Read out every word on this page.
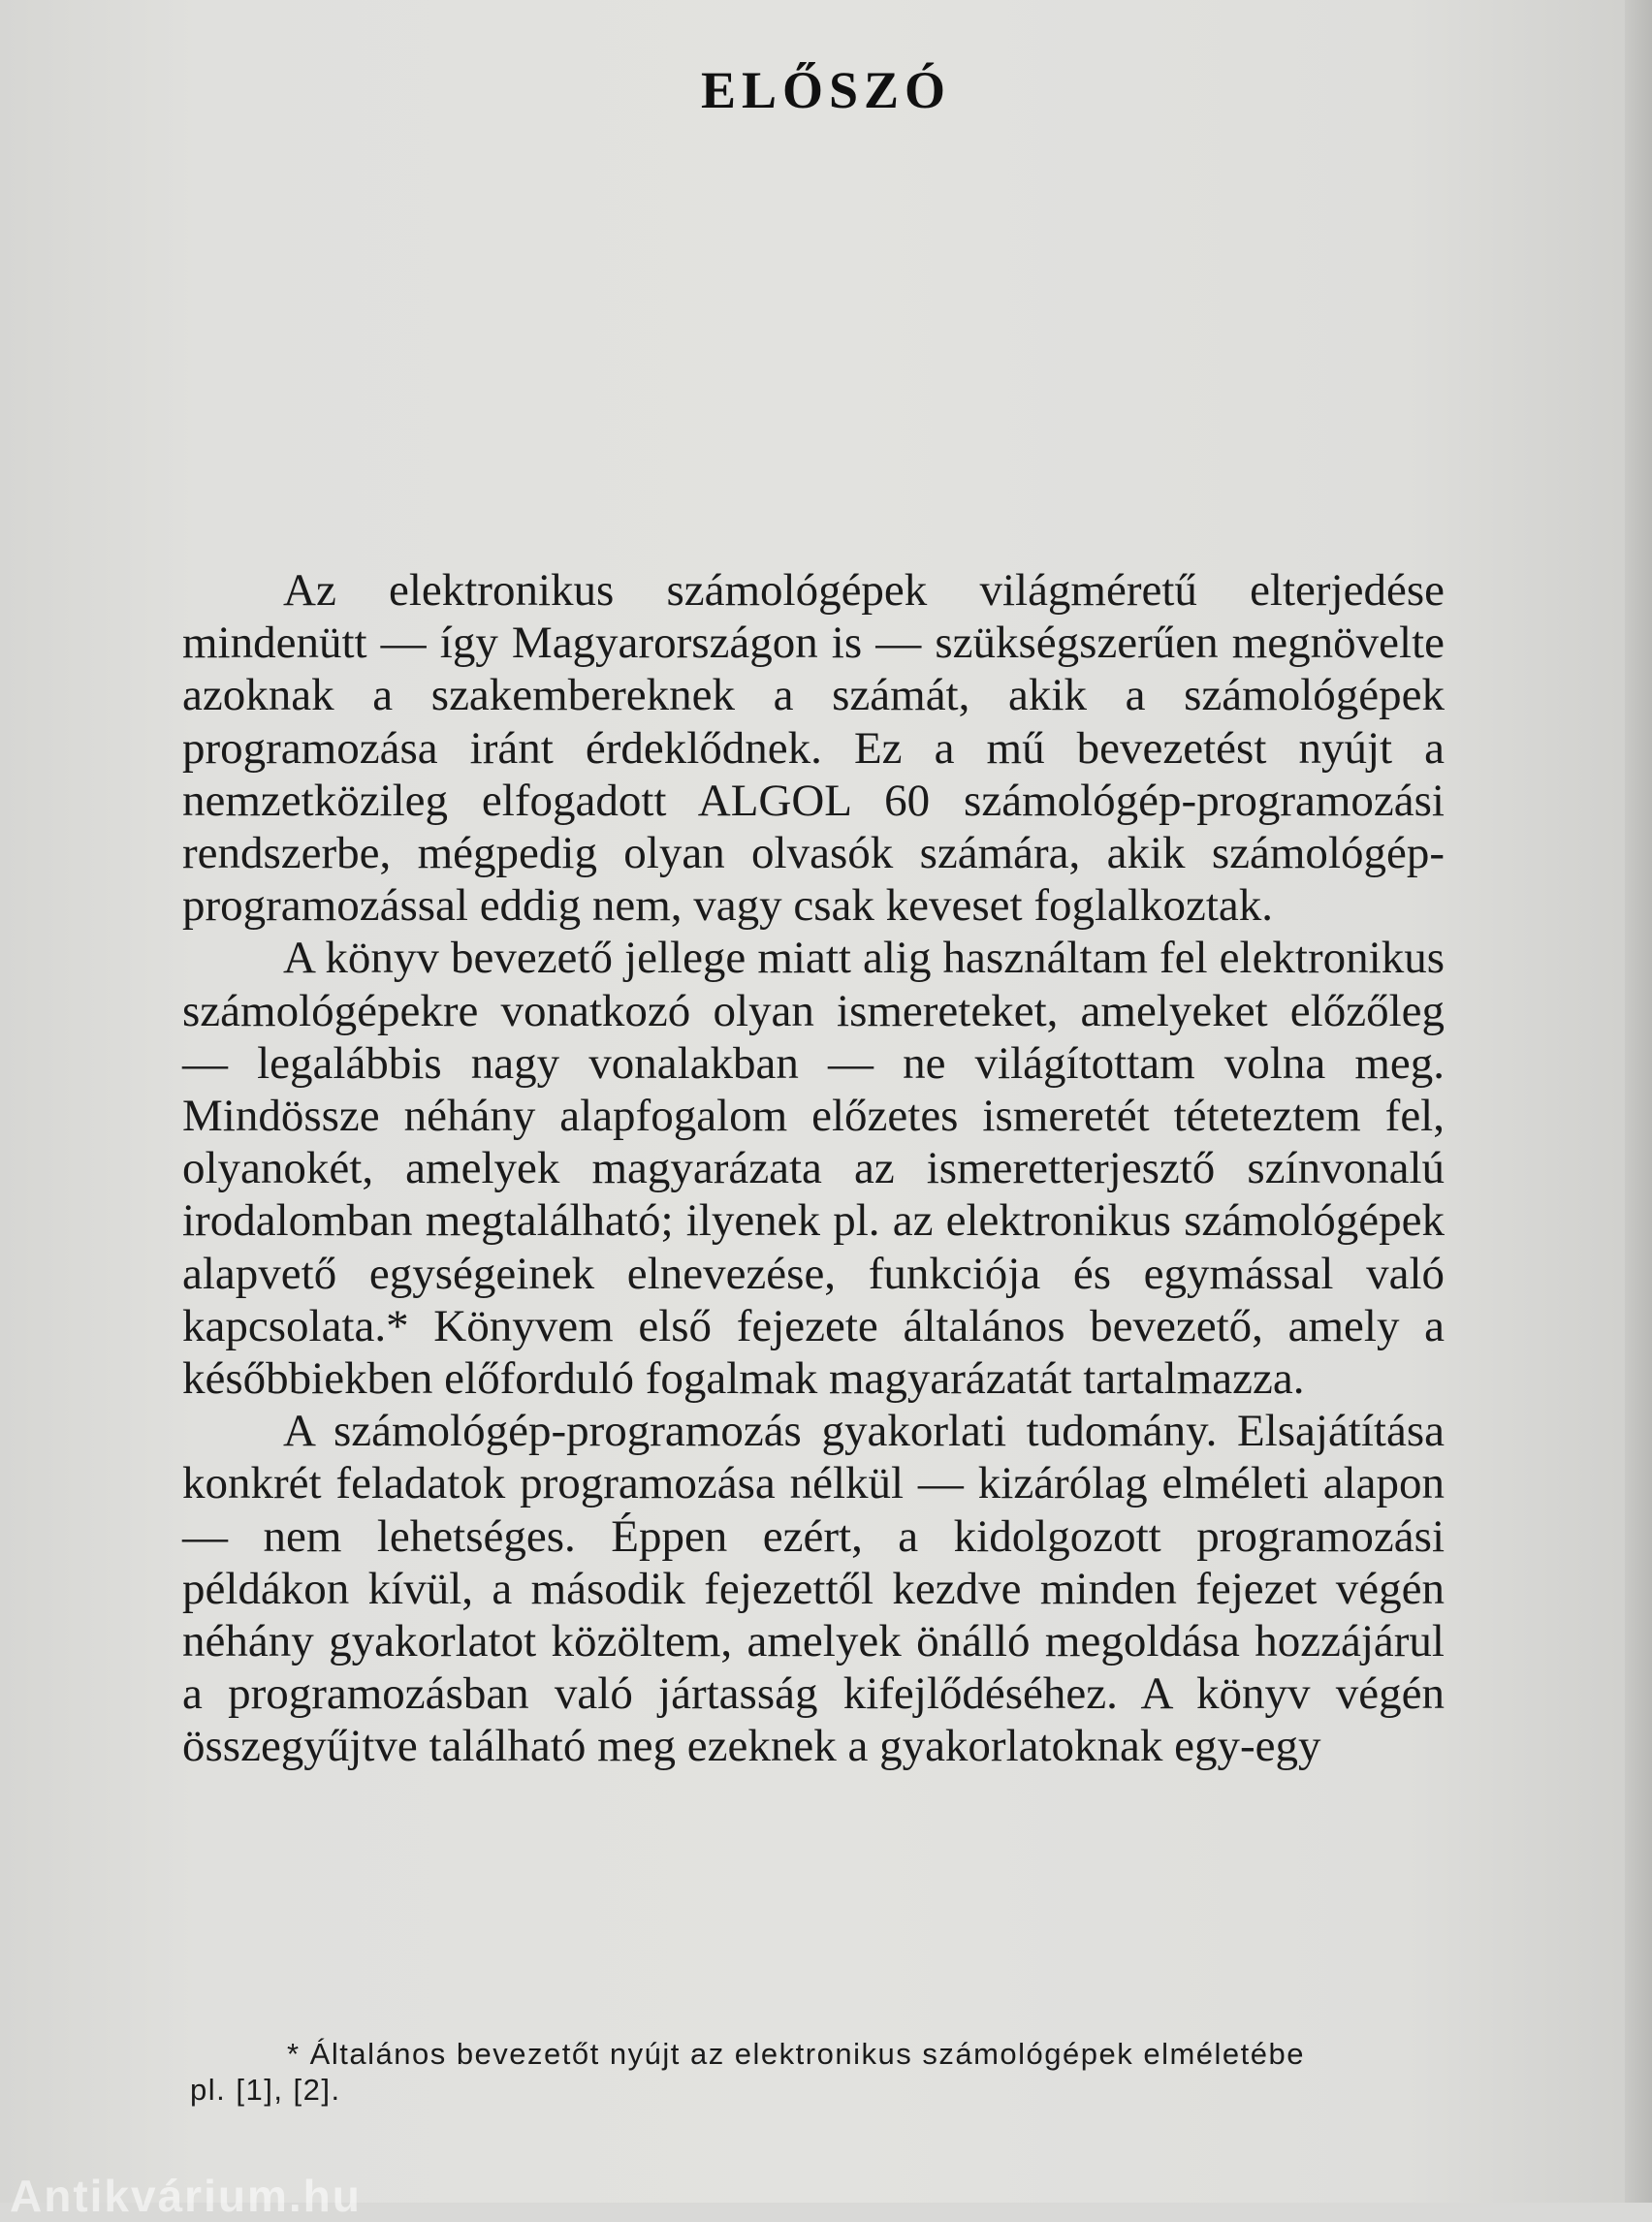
ELŐSZÓ

Az elektronikus számológépek világméretű elterjedése mindenütt — így Magyarországon is — szükségszerűen megnövelte azoknak a szakembereknek a számát, akik a számológépek programozása iránt érdeklődnek. Ez a mű bevezetést nyújt a nemzetközileg elfogadott ALGOL 60 számológép-programozási rendszerbe, mégpedig olyan olvasók számára, akik számológép-programozással eddig nem, vagy csak keveset foglalkoztak.

A könyv bevezető jellege miatt alig használtam fel elektronikus számológépekre vonatkozó olyan ismereteket, amelyeket előzőleg — legalábbis nagy vonalakban — ne világítottam volna meg. Mindössze néhány alapfogalom előzetes ismeretét téteteztem fel, olyanokét, amelyek magyarázata az ismeretterjesztő színvonalú irodalomban megtalálható; ilyenek pl. az elektronikus számológépek alapvető egységeinek elnevezése, funkciója és egymással való kapcsolata.* Könyvem első fejezete általános bevezető, amely a későbbiekben előforduló fogalmak magyarázatát tartalmazza.

A számológép-programozás gyakorlati tudomány. Elsajátítása konkrét feladatok programozása nélkül — kizárólag elméleti alapon — nem lehetséges. Éppen ezért, a kidolgozott programozási példákon kívül, a második fejezettől kezdve minden fejezet végén néhány gyakorlatot közöltem, amelyek önálló megoldása hozzájárul a programozásban való jártasság kifejlődéséhez. A könyv végén összegyűjtve található meg ezeknek a gyakorlatoknak egy-egy

* Általános bevezetőt nyújt az elektronikus számológépek elméletébe
pl. [1], [2].
Antikvárium.hu
